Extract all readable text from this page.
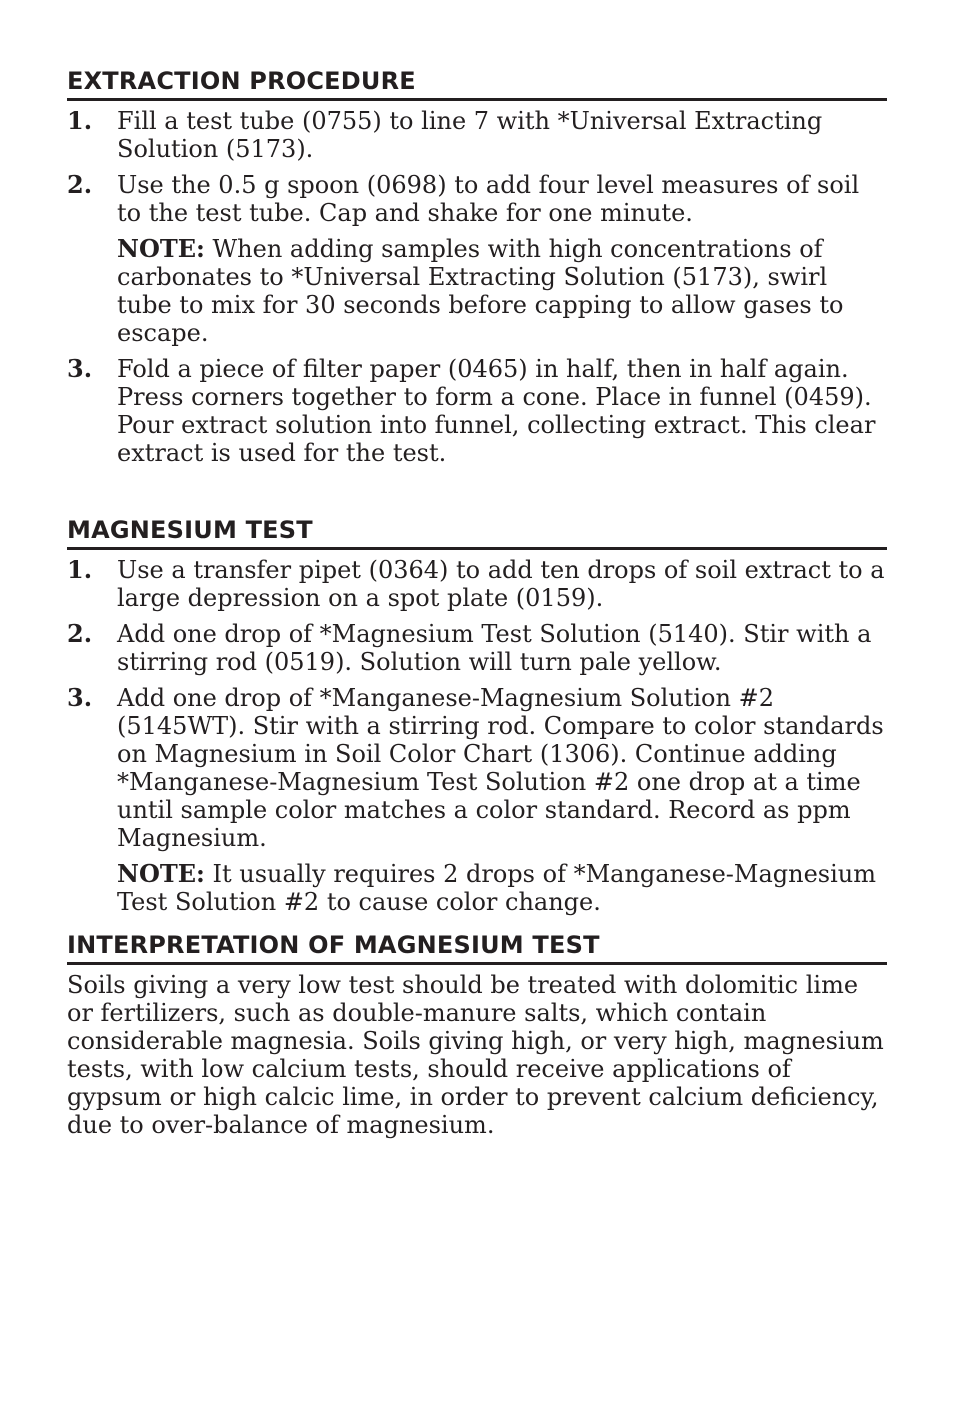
EXTRACTION PROCEDURE
1.	Fill a test tube (0755) to line 7 with *Universal Extracting Solution (5173).
2.	Use the 0.5 g spoon (0698) to add four level measures of soil to the test tube. Cap and shake for one minute.
NOTE: When adding samples with high concentrations of carbonates to *Universal Extracting Solution (5173), swirl tube to mix for 30 seconds before capping to allow gases to escape.
3.	Fold a piece of filter paper (0465) in half, then in half again. Press corners together to form a cone. Place in funnel (0459). Pour extract solution into funnel, collecting extract. This clear extract is used for the test.
MAGNESIUM TEST
1.	Use a transfer pipet (0364) to add ten drops of soil extract to a large depression on a spot plate (0159).
2.	Add one drop of *Magnesium Test Solution (5140). Stir with a stirring rod (0519). Solution will turn pale yellow.
3.	Add one drop of *Manganese-Magnesium Solution #2 (5145WT). Stir with a stirring rod. Compare to color standards on Magnesium in Soil Color Chart (1306). Continue adding *Manganese-Magnesium Test Solution #2 one drop at a time until sample color matches a color standard. Record as ppm Magnesium.
NOTE: It usually requires 2 drops of *Manganese-Magnesium Test Solution #2 to cause color change.
INTERPRETATION OF MAGNESIUM TEST

Soils giving a very low test should be treated with dolomitic lime or fertilizers, such as double-manure salts, which contain considerable magnesia. Soils giving high, or very high, magnesium tests, with low calcium tests, should receive applications of gypsum or high calcic lime, in order to prevent calcium deficiency, due to over-balance of magnesium.
